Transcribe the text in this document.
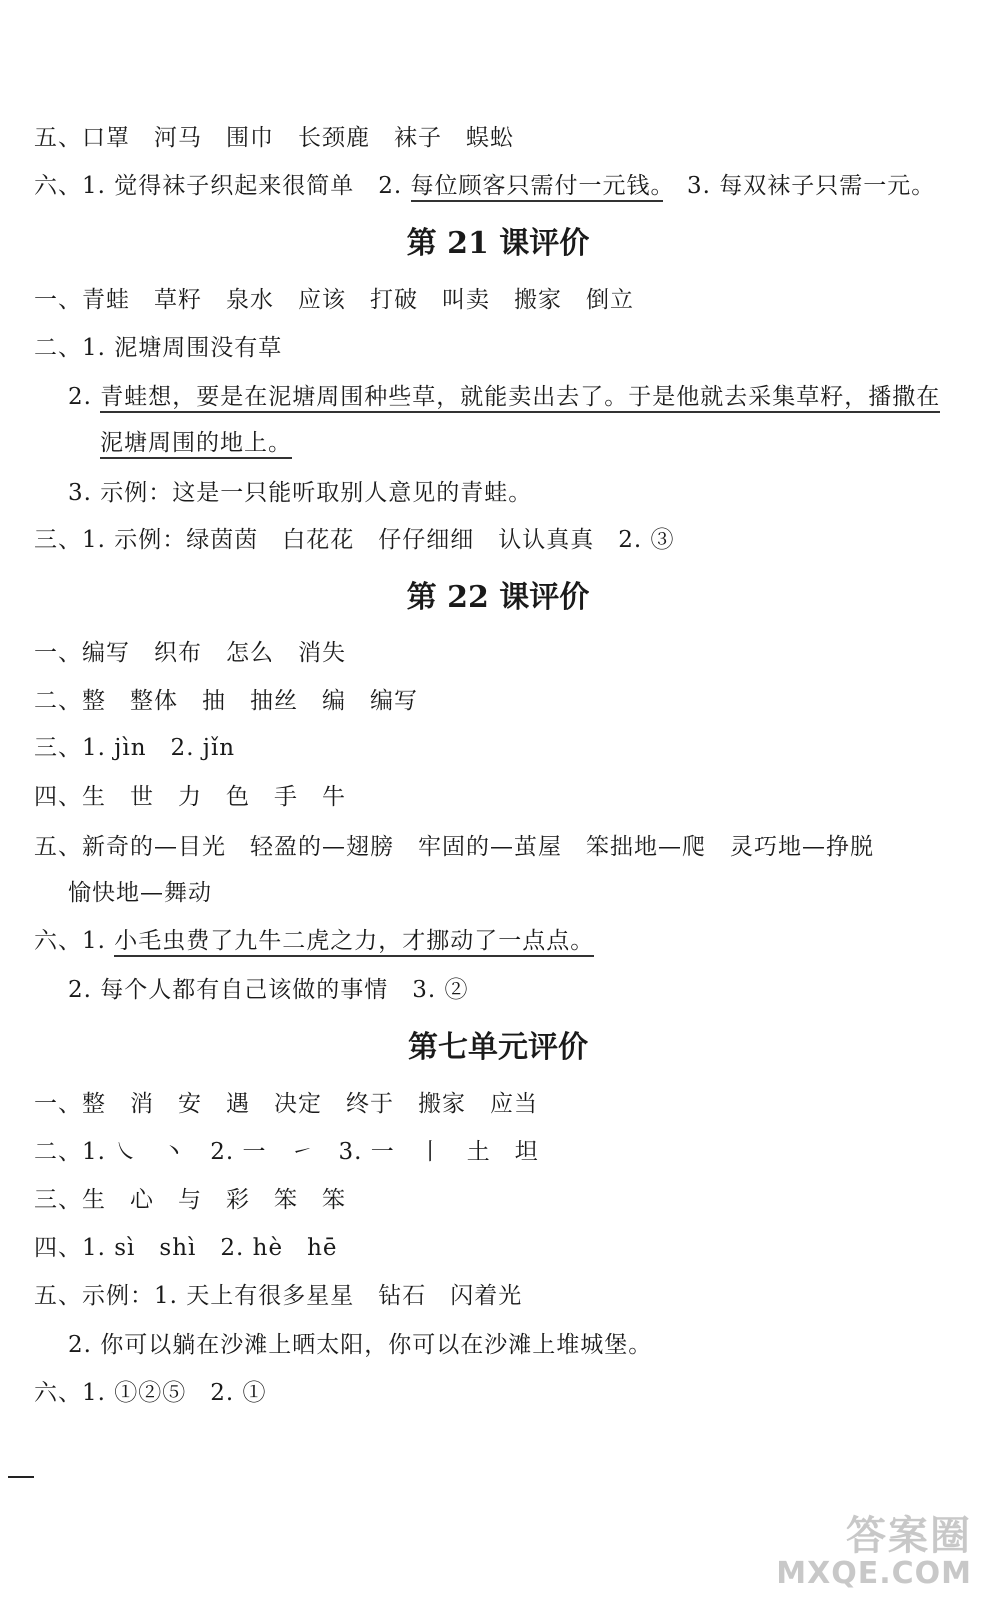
五、口罩　河马　围巾　长颈鹿　袜子　蜈蚣
六、1. 觉得袜子织起来很简单　2. 每位顾客只需付一元钱。　3. 每双袜子只需一元。
第 21 课评价
一、青蛙　草籽　泉水　应该　打破　叫卖　搬家　倒立
二、1. 泥塘周围没有草
2. 青蛙想，要是在泥塘周围种些草，就能卖出去了。于是他就去采集草籽，播撒在
泥塘周围的地上。
3. 示例：这是一只能听取别人意见的青蛙。
三、1. 示例：绿茵茵　白花花　仔仔细细　认认真真　2. ③
第 22 课评价
一、编写　织布　怎么　消失
二、整　整体　抽　抽丝　编　编写
三、1. jìn　2. jǐn
四、生　世　力　色　手　牛
五、新奇的—目光　轻盈的—翅膀　牢固的—茧屋　笨拙地—爬　灵巧地—挣脱
愉快地—舞动
六、1. 小毛虫费了九牛二虎之力，才挪动了一点点。
2. 每个人都有自己该做的事情　3. ②
第七单元评价
一、整　消　安　遇　决定　终于　搬家　应当
二、1. ㇏　丶　2. 一　㇀　3. 一　丨　土　坦
三、生　心　与　彩　笨　笨
四、1. sì　shì　2. hè　hē
五、示例：1. 天上有很多星星　钻石　闪着光
2. 你可以躺在沙滩上晒太阳，你可以在沙滩上堆城堡。
六、1. ①②⑤　2. ①
答案圈
MXQE.COM
